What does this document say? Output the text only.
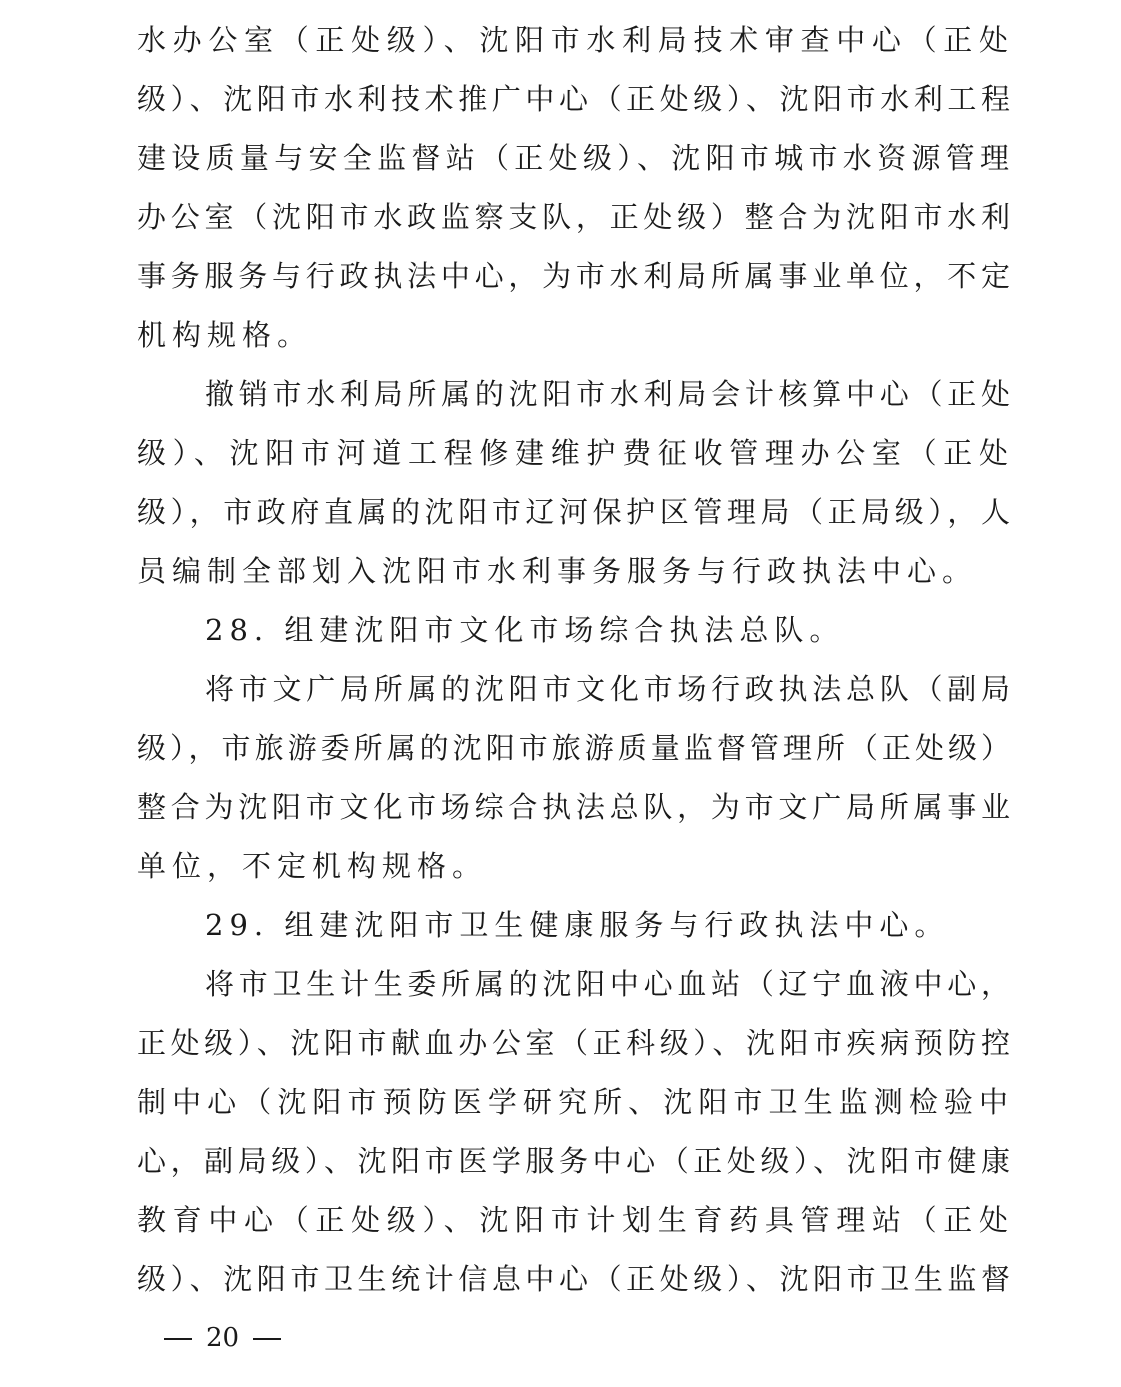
水办公室（正处级）、沈阳市水利局技术审查中心（正处
级）、沈阳市水利技术推广中心（正处级）、沈阳市水利工程
建设质量与安全监督站（正处级）、沈阳市城市水资源管理
办公室（沈阳市水政监察支队，正处级）整合为沈阳市水利
事务服务与行政执法中心，为市水利局所属事业单位，不定
机构规格。
撤销市水利局所属的沈阳市水利局会计核算中心（正处
级）、沈阳市河道工程修建维护费征收管理办公室（正处
级），市政府直属的沈阳市辽河保护区管理局（正局级），人
员编制全部划入沈阳市水利事务服务与行政执法中心。
28. 组建沈阳市文化市场综合执法总队。
将市文广局所属的沈阳市文化市场行政执法总队（副局
级），市旅游委所属的沈阳市旅游质量监督管理所（正处级）
整合为沈阳市文化市场综合执法总队，为市文广局所属事业
单位，不定机构规格。
29. 组建沈阳市卫生健康服务与行政执法中心。
将市卫生计生委所属的沈阳中心血站（辽宁血液中心，
正处级）、沈阳市献血办公室（正科级）、沈阳市疾病预防控
制中心（沈阳市预防医学研究所、沈阳市卫生监测检验中
心，副局级）、沈阳市医学服务中心（正处级）、沈阳市健康
教育中心（正处级）、沈阳市计划生育药具管理站（正处
级）、沈阳市卫生统计信息中心（正处级）、沈阳市卫生监督
20
